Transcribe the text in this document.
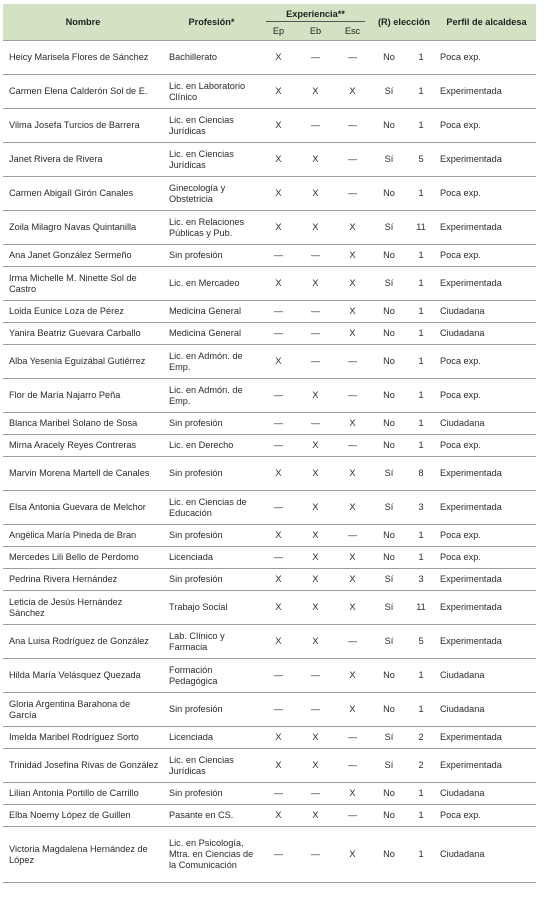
Nombre	Profesión*	Experiencia**			(R) elección		Perfil de alcaldesa
		Ep	Eb	Esc			
Heicy Marisela Flores de Sánchez	Bachillerato	X	—	—	No	1	Poca exp.
Carmen Elena Calderón Sol de E.	Lic. en Laboratorio Clínico	X	X	X	Sí	1	Experimentada
Vilma Josefa Turcios de Barrera	Lic. en Ciencias Jurídicas	X	—	—	No	1	Poca exp.
Janet Rivera de Rivera	Lic. en Ciencias Jurídicas	X	X	—	Sí	5	Experimentada
Carmen Abigaíl Girón Canales	Ginecología y Obstetricia	X	X	—	No	1	Poca exp.
Zoila Milagro Navas Quintanilla	Lic. en Relaciones Públicas y Pub.	X	X	X	Sí	11	Experimentada
Ana Janet González Sermeño	Sin profesión	—	—	X	No	1	Poca exp.
Irma Michelle M. Ninette Sol de Castro	Lic. en Mercadeo	X	X	X	Sí	1	Experimentada
Loida Eunice Loza de Pérez	Medicina General	—	—	X	No	1	Ciudadana
Yanira Beatriz Guevara Carballo	Medicina General	—	—	X	No	1	Ciudadana
Alba Yesenia Eguizábal Gutiérrez	Lic. en Admón. de Emp.	X	—	—	No	1	Poca exp.
Flor de María Najarro Peña	Lic. en Admón. de Emp.	—	X	—	No	1	Poca exp.
Blanca Maribel Solano de Sosa	Sin profesión	—	—	X	No	1	Ciudadana
Mirna Aracely Reyes Contreras	Lic. en Derecho	—	X	—	No	1	Poca exp.
Marvin Morena Martell de Canales	Sin profesión	X	X	X	Sí	8	Experimentada
Elsa Antonia Guevara de Melchor	Lic. en Ciencias de Educación	—	X	X	Sí	3	Experimentada
Angélica María Pineda de Bran	Sin profesión	X	X	—	No	1	Poca exp.
Mercedes Lili Bello de Perdomo	Licenciada	—	X	X	No	1	Poca exp.
Pedrina Rivera Hernández	Sin profesión	X	X	X	Sí	3	Experimentada
Leticia de Jesús Hernández Sánchez	Trabajo Social	X	X	X	Sí	11	Experimentada
Ana Luisa Rodríguez de González	Lab. Clínico y Farmacia	X	X	—	Sí	5	Experimentada
Hilda María Velásquez Quezada	Formación Pedagógica	—	—	X	No	1	Ciudadana
Gloria Argentina Barahona de García	Sin profesión	—	—	X	No	1	Ciudadana
Imelda Maribel Rodríguez Sorto	Licenciada	X	X	—	Sí	2	Experimentada
Trinidad Josefina Rivas de González	Lic. en Ciencias Jurídicas	X	X	—	Sí	2	Experimentada
Lilian Antonia Portillo de Carrillo	Sin profesión	—	—	X	No	1	Ciudadana
Elba Noemy López de Guillen	Pasante en CS.	X	X	—	No	1	Poca exp.
Victoria Magdalena Hernández de López	Lic. en Psicología, Mtra. en Ciencias de la Comunicación	—	—	X	No	1	Ciudadana
